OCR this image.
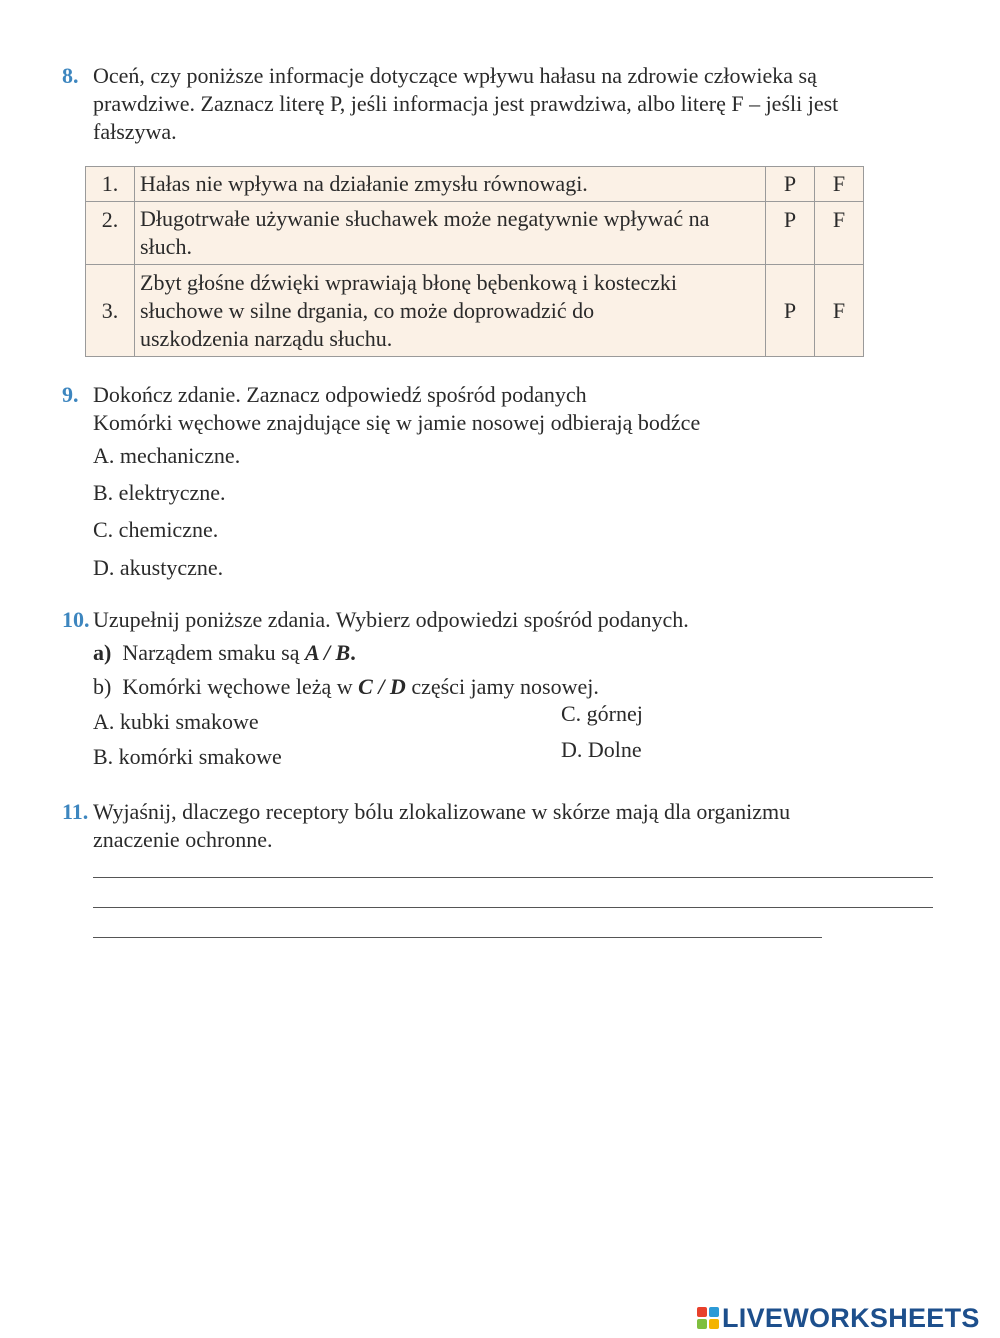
8. Oceń, czy poniższe informacje dotyczące wpływu hałasu na zdrowie człowieka są
prawdziwe. Zaznacz literę P, jeśli informacja jest prawdziwa, albo literę F – jeśli jest
fałszywa.
1.	Hałas nie wpływa na działanie zmysłu równowagi.	P	F
2.	Długotrwałe używanie słuchawek może negatywnie wpływać na
słuch.	P	F
3.	Zbyt głośne dźwięki wprawiają błonę bębenkową i kosteczki
słuchowe w silne drgania, co może doprowadzić do
uszkodzenia narządu słuchu.	P	F
9. Dokończ zdanie. Zaznacz odpowiedź spośród podanych
Komórki węchowe znajdujące się w jamie nosowej odbierają bodźce
A. mechaniczne.
B. elektryczne.
C. chemiczne.
D. akustyczne.
10. Uzupełnij poniższe zdania. Wybierz odpowiedzi spośród podanych.
a) Narządem smaku są A / B.
b) Komórki węchowe leżą w C / D części jamy nosowej.
A. kubki smakowe
B. komórki smakowe
C. górnej
D. Dolne
11. Wyjaśnij, dlaczego receptory bólu zlokalizowane w skórze mają dla organizmu
znaczenie ochronne.
LIVEWORKSHEETS
